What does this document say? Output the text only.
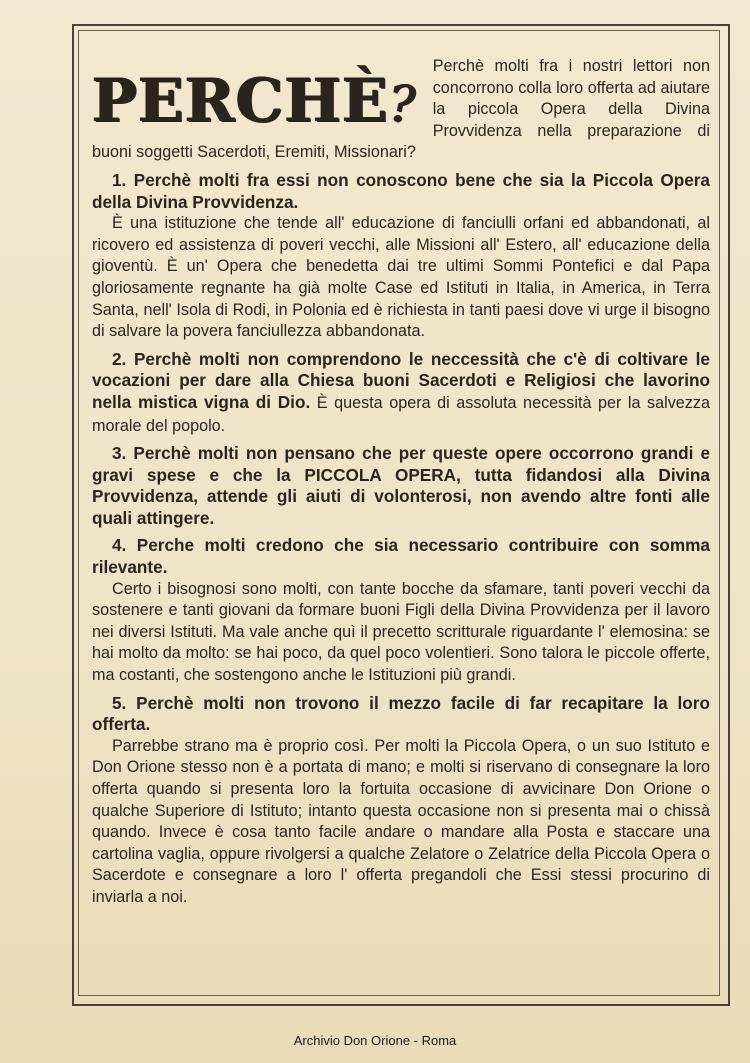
PERCHÈ?

Perchè molti fra i nostri lettori non concorrono colla loro offerta ad aiutare la piccola Opera della Divina Provvidenza nella preparazione di buoni soggetti Sacerdoti, Eremiti, Missionari?

1. Perchè molti fra essi non conoscono bene che sia la Piccola Opera della Divina Provvidenza.

È una istituzione che tende all' educazione di fanciulli orfani ed abbandonati, al ricovero ed assistenza di poveri vecchi, alle Missioni all' Estero, all' educazione della gioventù. È un' Opera che benedetta dai tre ultimi Sommi Pontefici e dal Papa gloriosamente regnante ha già molte Case ed Istituti in Italia, in America, in Terra Santa, nell' Isola di Rodi, in Polonia ed è richiesta in tanti paesi dove vi urge il bisogno di salvare la povera fanciullezza abbandonata.

2. Perchè molti non comprendono le neccessità che c'è di coltivare le vocazioni per dare alla Chiesa buoni Sacerdoti e Religiosi che lavorino nella mistica vigna di Dio. È questa opera di assoluta necessità per la salvezza morale del popolo.

3. Perchè molti non pensano che per queste opere occorrono grandi e gravi spese e che la PICCOLA OPERA, tutta fidandosi alla Divina Provvidenza, attende gli aiuti di volonterosi, non avendo altre fonti alle quali attingere.

4. Perche molti credono che sia necessario contribuire con somma rilevante.

Certo i bisognosi sono molti, con tante bocche da sfamare, tanti poveri vecchi da sostenere e tanti giovani da formare buoni Figli della Divina Provvidenza per il lavoro nei diversi Istituti. Ma vale anche quì il precetto scritturale riguardante l' elemosina: se hai molto da molto: se hai poco, da quel poco volentieri. Sono talora le piccole offerte, ma costanti, che sostengono anche le Istituzioni più grandi.

5. Perchè molti non trovono il mezzo facile di far recapitare la loro offerta.

Parrebbe strano ma è proprio così. Per molti la Piccola Opera, o un suo Istituto e Don Orione stesso non è a portata di mano; e molti si riservano di consegnare la loro offerta quando si presenta loro la fortuita occasione di avvicinare Don Orione o qualche Superiore di Istituto; intanto questa occasione non si presenta mai o chissà quando. Invece è cosa tanto facile andare o mandare alla Posta e staccare una cartolina vaglia, oppure rivolgersi a qualche Zelatore o Zelatrice della Piccola Opera o Sacerdote e consegnare a loro l' offerta pregandoli che Essi stessi procurino di inviarla a noi.

Archivio Don Orione - Roma
